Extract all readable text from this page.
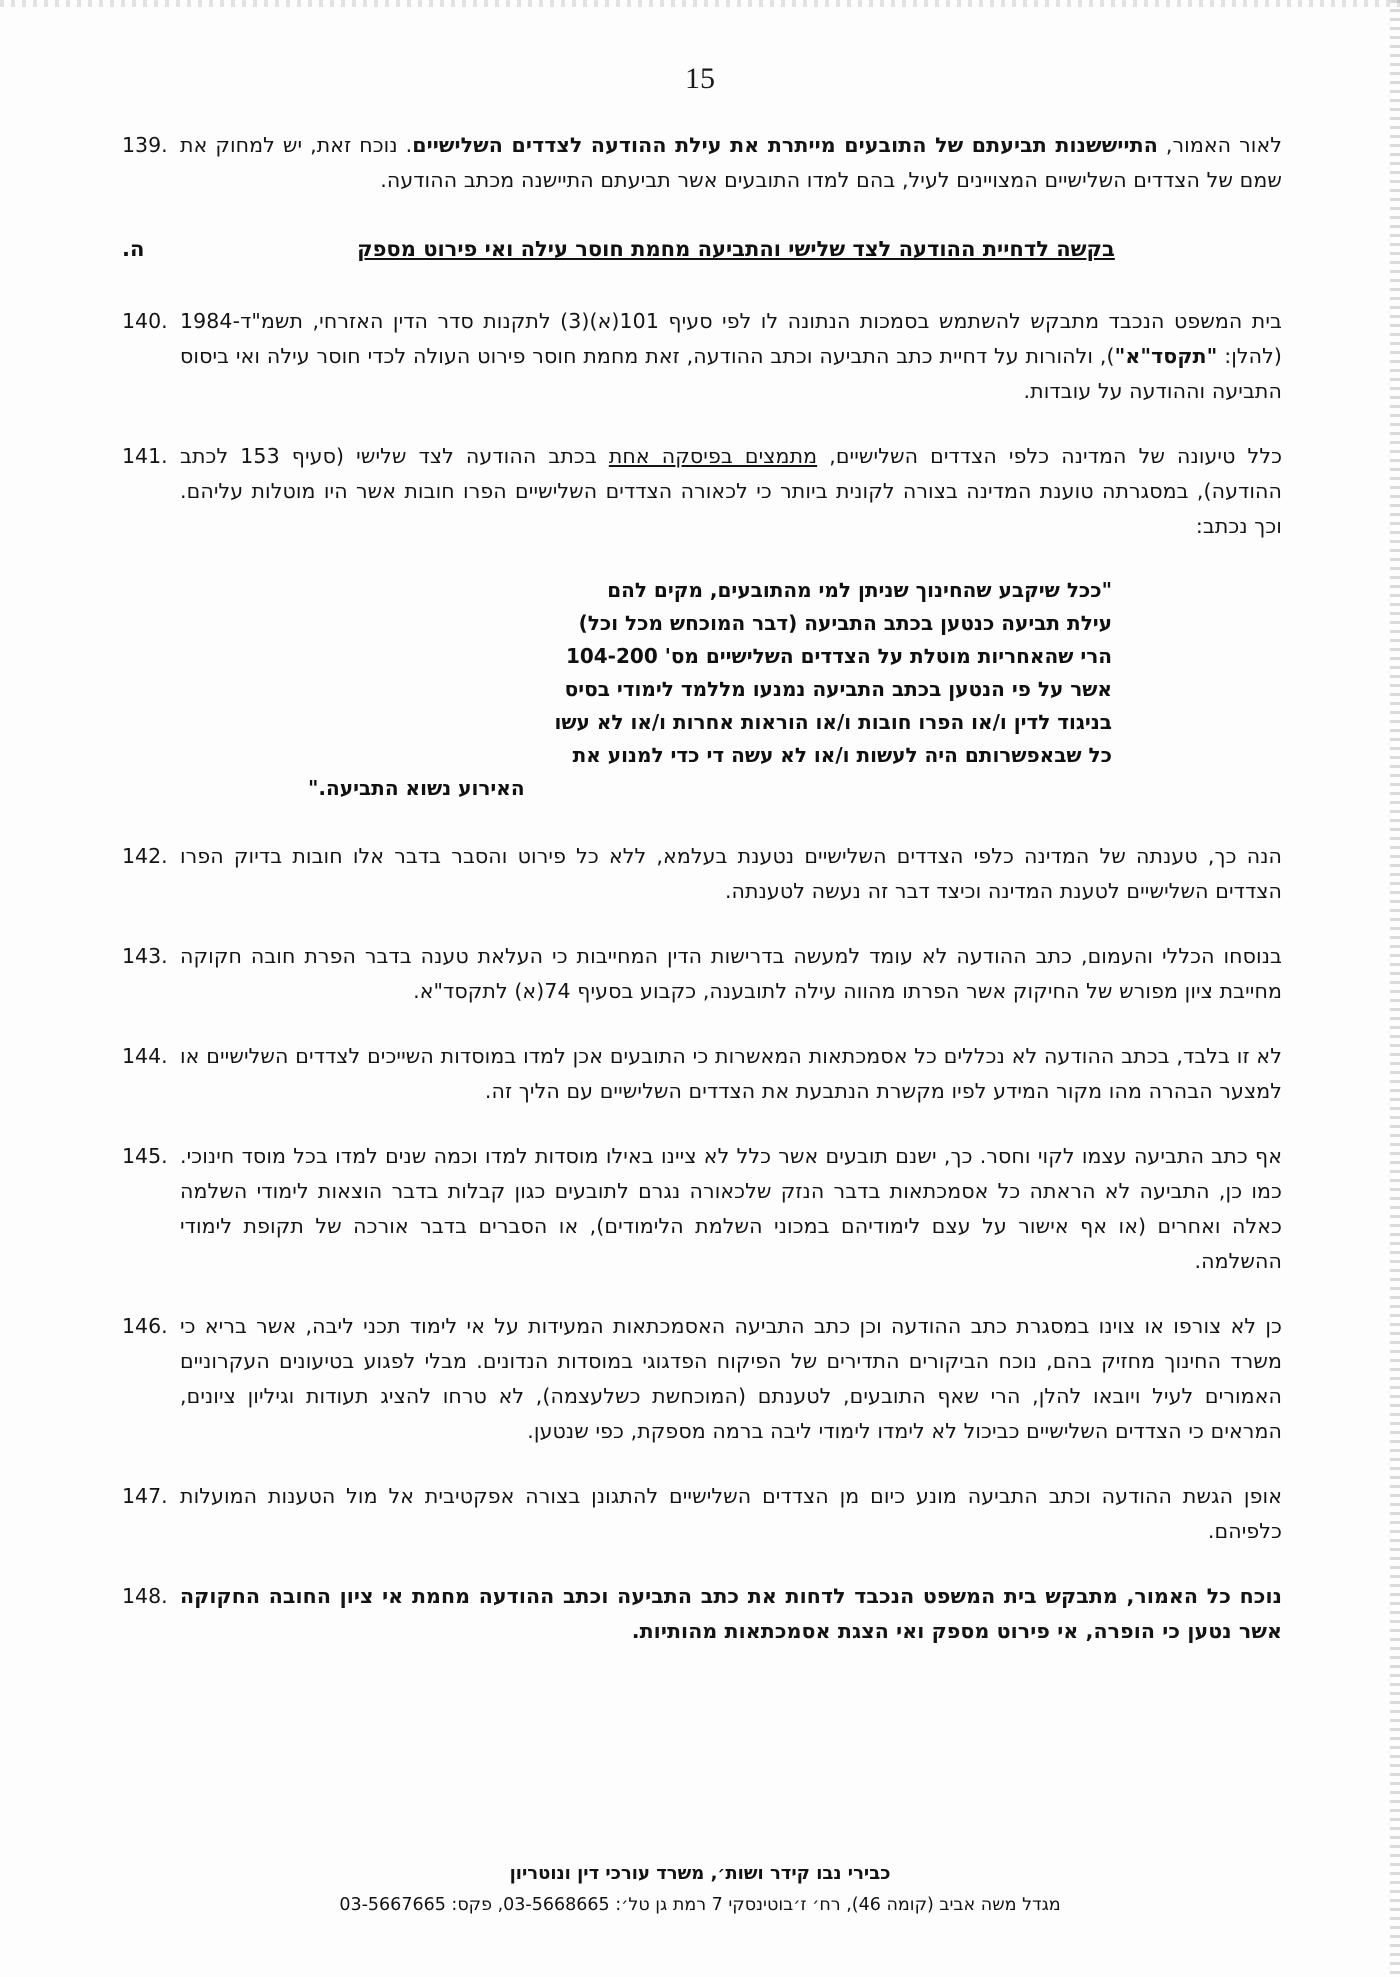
15
139.	לאור האמור, התייששנות תביעתם של התובעים מייתרת את עילת ההודעה לצדדים השלישיים. נוכח זאת, יש למחוק את שמם של הצדדים השלישיים המצויינים לעיל, בהם למדו התובעים אשר תביעתם התיישנה מכתב ההודעה.
ה.	בקשה לדחיית ההודעה לצד שלישי והתביעה מחמת חוסר עילה ואי פירוט מספק
140. בית המשפט הנכבד מתבקש להשתמש בסמכות הנתונה לו לפי סעיף 101(א)(3) לתקנות סדר הדין האזרחי, תשמ"ד-1984 (להלן: "תקסד"א"), ולהורות על דחיית כתב התביעה וכתב ההודעה, זאת מחמת חוסר פירוט העולה לכדי חוסר עילה ואי ביסוס התביעה וההודעה על עובדות.
141.	כלל טיעונה של המדינה כלפי הצדדים השלישיים, מתמצים בפיסקה אחת בכתב ההודעה לצד שלישי (סעיף 153 לכתב ההודעה), במסגרתה טוענת המדינה בצורה לקונית ביותר כי לכאורה הצדדים השלישיים הפרו חובות אשר היו מוטלות עליהם. וכך נכתב:
"ככל שיקבע שהחינוך שניתן למי מהתובעים, מקים להם
עילת תביעה כנטען בכתב התביעה (דבר המוכחש מכל וכל)
הרי שהאחריות מוטלת על הצדדים השלישיים מס' 104-200
אשר על פי הנטען בכתב התביעה נמנעו מללמד לימודי בסיס
בניגוד לדין ו/או הפרו חובות ו/או הוראות אחרות ו/או לא עשו
כל שבאפשרותם היה לעשות ו/או לא עשה די כדי למנוע את
האירוע נשוא התביעה."
142. הנה כך, טענתה של המדינה כלפי הצדדים השלישיים נטענת בעלמא, ללא כל פירוט והסבר בדבר אלו חובות בדיוק הפרו הצדדים השלישיים לטענת המדינה וכיצד דבר זה נעשה לטענתה.
143. בנוסחו הכללי והעמום, כתב ההודעה לא עומד למעשה בדרישות הדין המחייבות כי העלאת טענה בדבר הפרת חובה חקוקה מחייבת ציון מפורש של החיקוק אשר הפרתו מהווה עילה לתובענה, כקבוע בסעיף 74(א) לתקסד"א.
144. לא זו בלבד, בכתב ההודעה לא נכללים כל אסמכתאות המאשרות כי התובעים אכן למדו במוסדות השייכים לצדדים השלישיים או למצער הבהרה מהו מקור המידע לפיו מקשרת הנתבעת את הצדדים השלישיים עם הליך זה.
145. אף כתב התביעה עצמו לקוי וחסר. כך, ישנם תובעים אשר כלל לא ציינו באילו מוסדות למדו וכמה שנים למדו בכל מוסד חינוכי. כמו כן, התביעה לא הראתה כל אסמכתאות בדבר הנזק שלכאורה נגרם לתובעים כגון קבלות בדבר הוצאות לימודי השלמה כאלה ואחרים (או אף אישור על עצם לימודיהם במכוני השלמת הלימודים), או הסברים בדבר אורכה של תקופת לימודי ההשלמה.
146. כן לא צורפו או צוינו במסגרת כתב ההודעה וכן כתב התביעה האסמכתאות המעידות על אי לימוד תכני ליבה, אשר בריא כי משרד החינוך מחזיק בהם, נוכח הביקורים התדירים של הפיקוח הפדגוגי במוסדות הנדונים. מבלי לפגוע בטיעונים העקרוניים האמורים לעיל ויובאו להלן, הרי שאף התובעים, לטענתם (המוכחשת כשלעצמה), לא טרחו להציג תעודות וגיליון ציונים, המראים כי הצדדים השלישיים כביכול לא לימדו לימודי ליבה ברמה מספקת, כפי שנטען.
147. אופן הגשת ההודעה וכתב התביעה מונע כיום מן הצדדים השלישיים להתגונן בצורה אפקטיבית אל מול הטענות המועלות כלפיהם.
148. נוכח כל האמור, מתבקש בית המשפט הנכבד לדחות את כתב התביעה וכתב ההודעה מחמת אי ציון החובה החקוקה אשר נטען כי הופרה, אי פירוט מספק ואי הצגת אסמכתאות מהותיות.
כבירי נבו קידר ושות׳, משרד עורכי דין ונוטריון
מגדל משה אביב (קומה 46), רח׳ ז׳בוטינסקי 7 רמת גן טל׳: 03-5668665, פקס: 03-5667665
